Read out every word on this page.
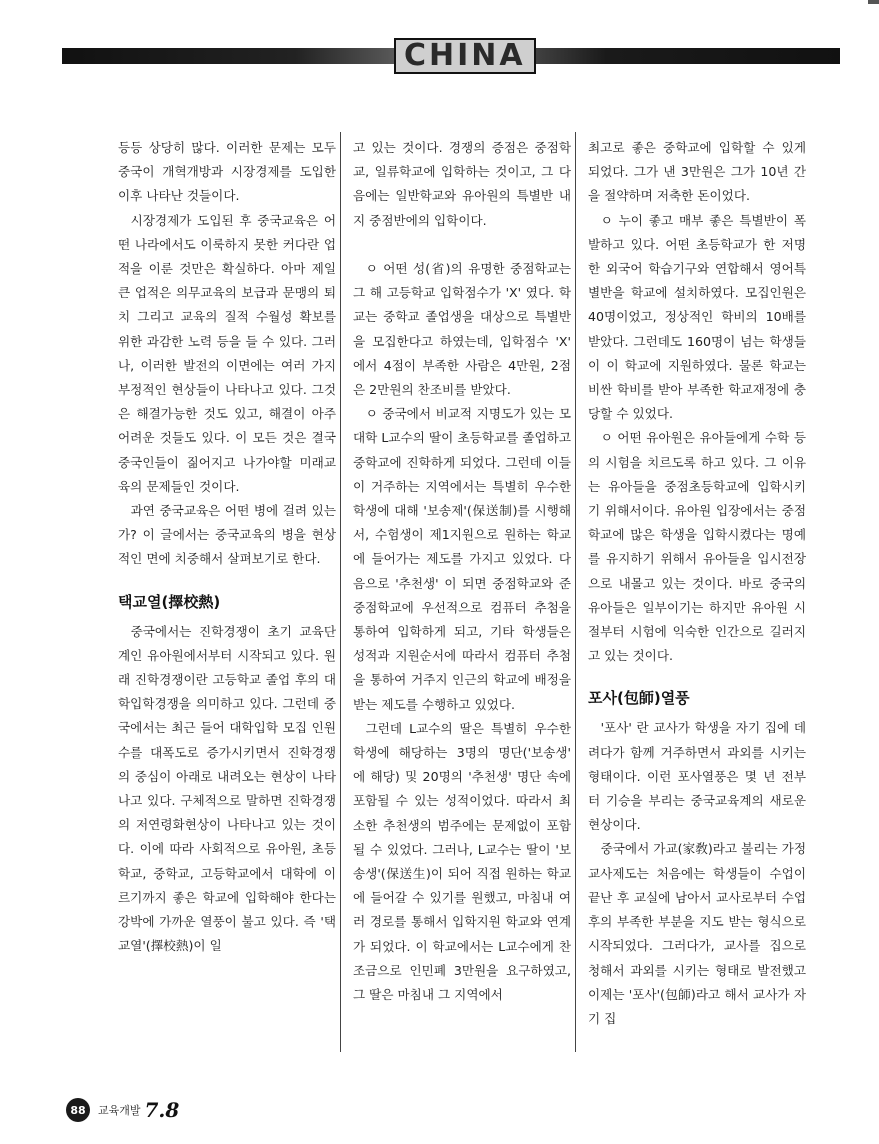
CHINA

등등 상당히 많다. 이러한 문제는 모두 중국이 개혁개방과 시장경제를 도입한 이후 나타난 것들이다.

시장경제가 도입된 후 중국교육은 어떤 나라에서도 이룩하지 못한 커다란 업적을 이룬 것만은 확실하다. 아마 제일 큰 업적은 의무교육의 보급과 문맹의 퇴치 그리고 교육의 질적 수월성 확보를 위한 과감한 노력 등을 들 수 있다. 그러나, 이러한 발전의 이면에는 여러 가지 부정적인 현상들이 나타나고 있다. 그것은 해결가능한 것도 있고, 해결이 아주 어려운 것들도 있다. 이 모든 것은 결국 중국인들이 짊어지고 나가야할 미래교육의 문제들인 것이다.

과연 중국교육은 어떤 병에 걸려 있는가? 이 글에서는 중국교육의 병을 현상적인 면에 치중해서 살펴보기로 한다.

택교열(擇校熱)

중국에서는 진학경쟁이 초기 교육단계인 유아원에서부터 시작되고 있다. 원래 진학경쟁이란 고등학교 졸업 후의 대학입학경쟁을 의미하고 있다. 그런데 중국에서는 최근 들어 대학입학 모집 인원수를 대폭도로 증가시키면서 진학경쟁의 중심이 아래로 내려오는 현상이 나타나고 있다. 구체적으로 말하면 진학경쟁의 저연령화현상이 나타나고 있는 것이다. 이에 따라 사회적으로 유아원, 초등학교, 중학교, 고등학교에서 대학에 이르기까지 좋은 학교에 입학해야 한다는 강박에 가까운 열풍이 불고 있다. 즉 '택교열'(擇校熱)이 일

고 있는 것이다. 경쟁의 증점은 중점학교, 일류학교에 입학하는 것이고, 그 다음에는 일반학교와 유아원의 특별반 내지 중점반에의 입학이다.

ㅇ 어떤 성(省)의 유명한 중점학교는 그 해 고등학교 입학점수가 'X' 였다. 학교는 중학교 졸업생을 대상으로 특별반을 모집한다고 하였는데, 입학점수 'X' 에서 4점이 부족한 사람은 4만원, 2점은 2만원의 찬조비를 받았다.

ㅇ 중국에서 비교적 지명도가 있는 모대학 L교수의 딸이 초등학교를 졸업하고 중학교에 진학하게 되었다. 그런데 이들이 거주하는 지역에서는 특별히 우수한 학생에 대해 '보송제'(保送制)를 시행해서, 수험생이 제1지원으로 원하는 학교에 들어가는 제도를 가지고 있었다. 다음으로 '추천생' 이 되면 중점학교와 준중점학교에 우선적으로 컴퓨터 추첨을 통하여 입학하게 되고, 기타 학생들은 성적과 지원순서에 따라서 컴퓨터 추첨을 통하여 거주지 인근의 학교에 배정을 받는 제도를 수행하고 있었다.

그런데 L교수의 딸은 특별히 우수한 학생에 해당하는 3명의 명단('보송생' 에 해당) 및 20명의 '추천생' 명단 속에 포함될 수 있는 성적이었다. 따라서 최소한 추천생의 범주에는 문제없이 포함될 수 있었다. 그러나, L교수는 딸이 '보송생'(保送生)이 되어 직접 원하는 학교에 들어갈 수 있기를 원했고, 마침내 여러 경로를 통해서 입학지원 학교와 연계가 되었다. 이 학교에서는 L교수에게 찬조금으로 인민폐 3만원을 요구하였고, 그 딸은 마침내 그 지역에서

최고로 좋은 중학교에 입학할 수 있게 되었다. 그가 낸 3만원은 그가 10년 간을 절약하며 저축한 돈이었다.

ㅇ 누이 좋고 매부 좋은 특별반이 폭발하고 있다. 어떤 초등학교가 한 저명한 외국어 학습기구와 연합해서 영어특별반을 학교에 설치하였다. 모집인원은 40명이었고, 정상적인 학비의 10배를 받았다. 그런데도 160명이 넘는 학생들이 이 학교에 지원하였다. 물론 학교는 비싼 학비를 받아 부족한 학교재정에 충당할 수 있었다.

ㅇ 어떤 유아원은 유아들에게 수학 등의 시험을 치르도록 하고 있다. 그 이유는 유아들을 중점초등학교에 입학시키기 위해서이다. 유아원 입장에서는 중점학교에 많은 학생을 입학시켰다는 명예를 유지하기 위해서 유아들을 입시전장으로 내몰고 있는 것이다. 바로 중국의 유아들은 일부이기는 하지만 유아원 시절부터 시험에 익숙한 인간으로 길러지고 있는 것이다.

포사(包師)열풍

'포사' 란 교사가 학생을 자기 집에 데려다가 함께 거주하면서 과외를 시키는 형태이다. 이런 포사열풍은 몇 년 전부터 기승을 부리는 중국교육계의 새로운 현상이다.

중국에서 가교(家敎)라고 불리는 가정교사제도는 처음에는 학생들이 수업이 끝난 후 교실에 남아서 교사로부터 수업 후의 부족한 부분을 지도 받는 형식으로 시작되었다. 그러다가, 교사를 집으로 청해서 과외를 시키는 형태로 발전했고 이제는 '포사'(包師)라고 해서 교사가 자기 집

88	교육개발 7.8
